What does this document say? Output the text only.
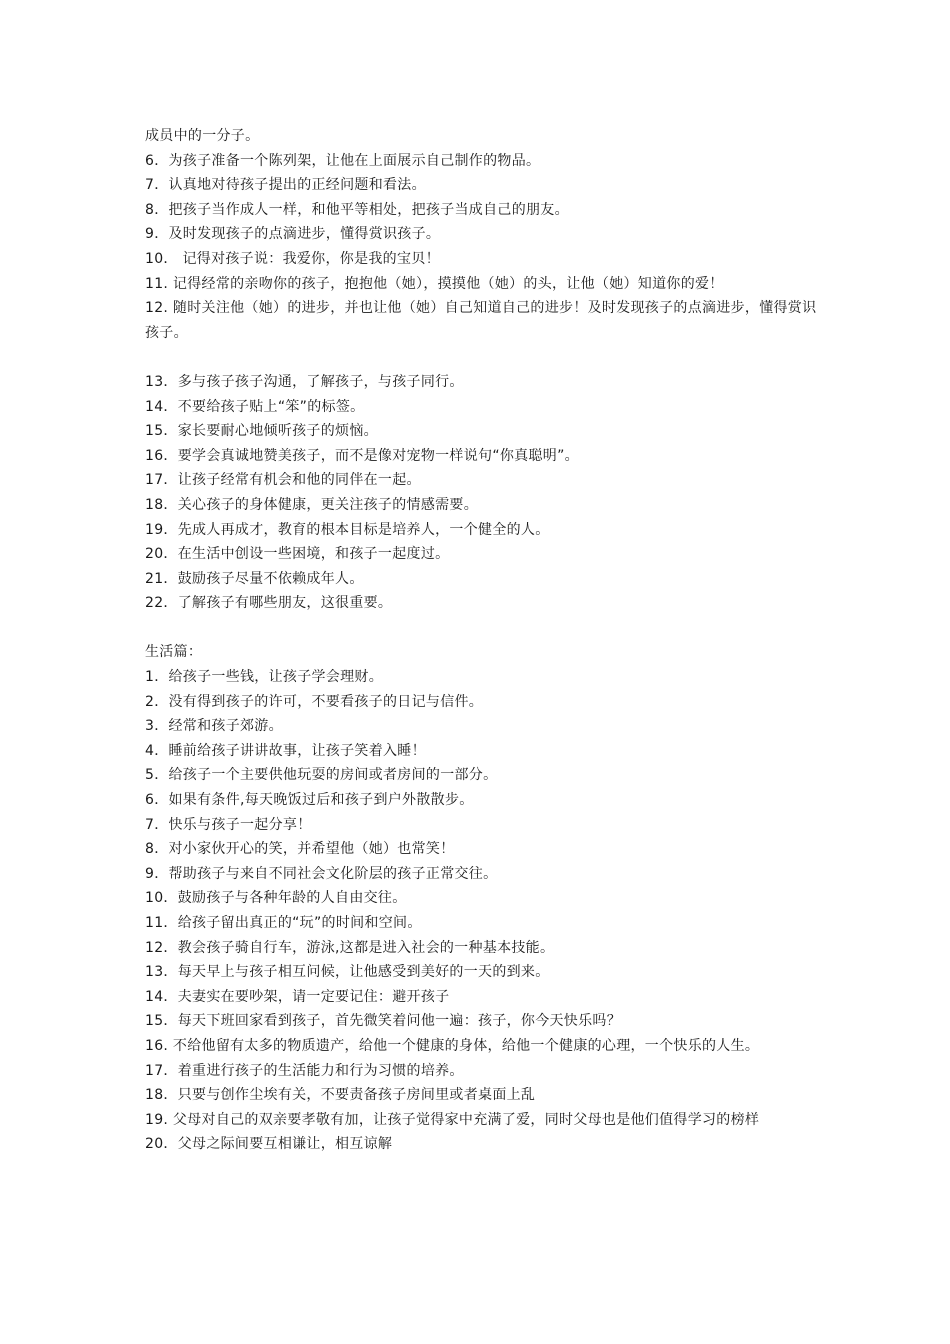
成员中的一分子。

6．为孩子准备一个陈列架，让他在上面展示自己制作的物品。

7．认真地对待孩子提出的正经问题和看法。

8．把孩子当作成人一样，和他平等相处，把孩子当成自己的朋友。

9．及时发现孩子的点滴进步，懂得赏识孩子。

10． 记得对孩子说：我爱你，你是我的宝贝！

11. 记得经常的亲吻你的孩子，抱抱他（她），摸摸他（她）的头，让他（她）知道你的爱！

12. 随时关注他（她）的进步，并也让他（她）自己知道自己的进步！及时发现孩子的点滴进步，懂得赏识孩子。

13．多与孩子孩子沟通，了解孩子，与孩子同行。

14．不要给孩子贴上“笨”的标签。

15．家长要耐心地倾听孩子的烦恼。

16．要学会真诚地赞美孩子，而不是像对宠物一样说句“你真聪明”。

17．让孩子经常有机会和他的同伴在一起。

18．关心孩子的身体健康，更关注孩子的情感需要。

19．先成人再成才，教育的根本目标是培养人，一个健全的人。

20．在生活中创设一些困境，和孩子一起度过。

21．鼓励孩子尽量不依赖成年人。

22．了解孩子有哪些朋友，这很重要。

生活篇：

1．给孩子一些钱，让孩子学会理财。

2．没有得到孩子的许可，不要看孩子的日记与信件。

3．经常和孩子郊游。

4．睡前给孩子讲讲故事，让孩子笑着入睡！

5．给孩子一个主要供他玩耍的房间或者房间的一部分。

6．如果有条件,每天晚饭过后和孩子到户外散散步。

7．快乐与孩子一起分享！

8．对小家伙开心的笑，并希望他（她）也常笑！

9．帮助孩子与来自不同社会文化阶层的孩子正常交往。

10．鼓励孩子与各种年龄的人自由交往。

11．给孩子留出真正的“玩”的时间和空间。

12．教会孩子骑自行车，游泳,这都是进入社会的一种基本技能。

13．每天早上与孩子相互问候，让他感受到美好的一天的到来。

14．夫妻实在要吵架，请一定要记住：避开孩子

15．每天下班回家看到孩子，首先微笑着问他一遍：孩子，你今天快乐吗？

16. 不给他留有太多的物质遗产，给他一个健康的身体，给他一个健康的心理，一个快乐的人生。

17．着重进行孩子的生活能力和行为习惯的培养。

18．只要与创作尘埃有关，不要责备孩子房间里或者桌面上乱

19. 父母对自己的双亲要孝敬有加，让孩子觉得家中充满了爱，同时父母也是他们值得学习的榜样

20．父母之际间要互相谦让，相互谅解
